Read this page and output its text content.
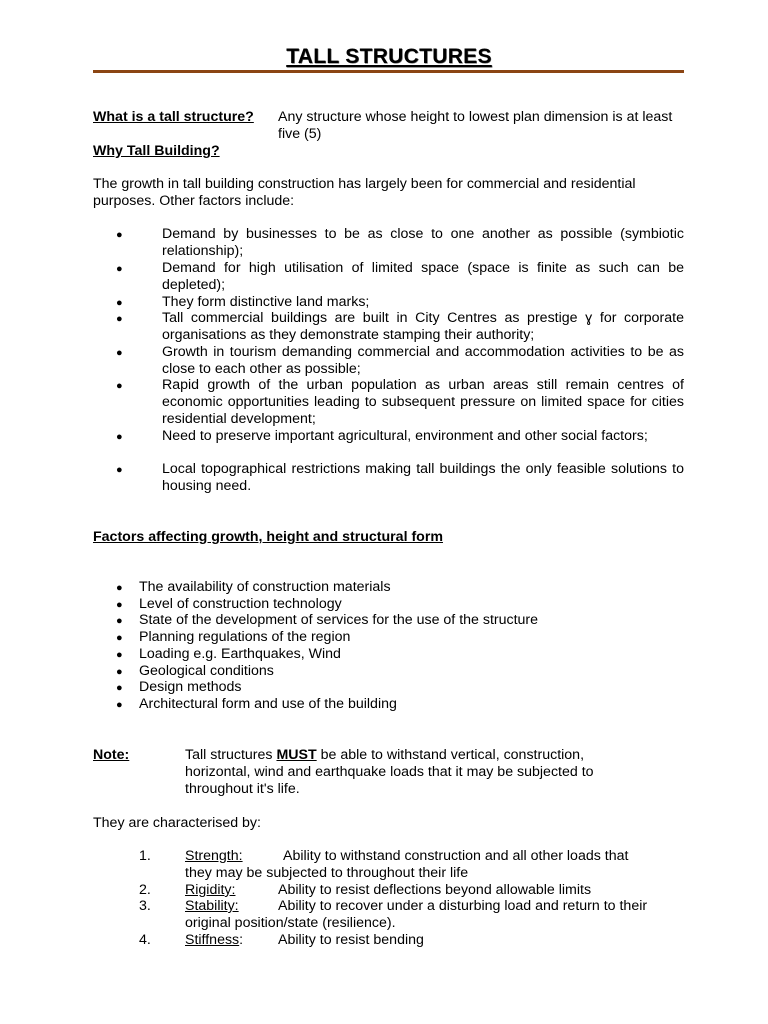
TALL STRUCTURES
What is a tall structure? Any structure whose height to lowest plan dimension is at least five (5)
Why Tall Building?
The growth in tall building construction has largely been for commercial and residential purposes. Other factors include:
●	Demand by businesses to be as close to one another as possible (symbiotic relationship);
●	Demand for high utilisation of limited space (space is finite as such can be depleted);
●	They form distinctive land marks;
●	Tall commercial buildings are built in City Centres as prestige ɣ for corporate organisations as they demonstrate stamping their authority;
●	Growth in tourism demanding commercial and accommodation activities to be as close to each other as possible;
●	Rapid growth of the urban population as urban areas still remain centres of economic opportunities leading to subsequent pressure on limited space for cities residential development;
●	Need to preserve important agricultural, environment and other social factors;
●	Local topographical restrictions making tall buildings the only feasible solutions to housing need.
Factors affecting growth, height and structural form
● The availability of construction materials
● Level of construction technology
● State of the development of services for the use of the structure
● Planning regulations of the region
● Loading e.g. Earthquakes, Wind
● Geological conditions
● Design methods
● Architectural form and use of the building
Note:	Tall structures MUST be able to withstand vertical, construction, horizontal, wind and earthquake loads that it may be subjected to throughout it's life.
They are characterised by:
1. Strength:	Ability to withstand construction and all other loads that
they may be subjected to throughout their life
2. Rigidity:	Ability to resist deflections beyond allowable limits
3. Stability:	Ability to recover under a disturbing load and return to their
original position/state (resilience).
4. Stiffness: Ability to resist bending
